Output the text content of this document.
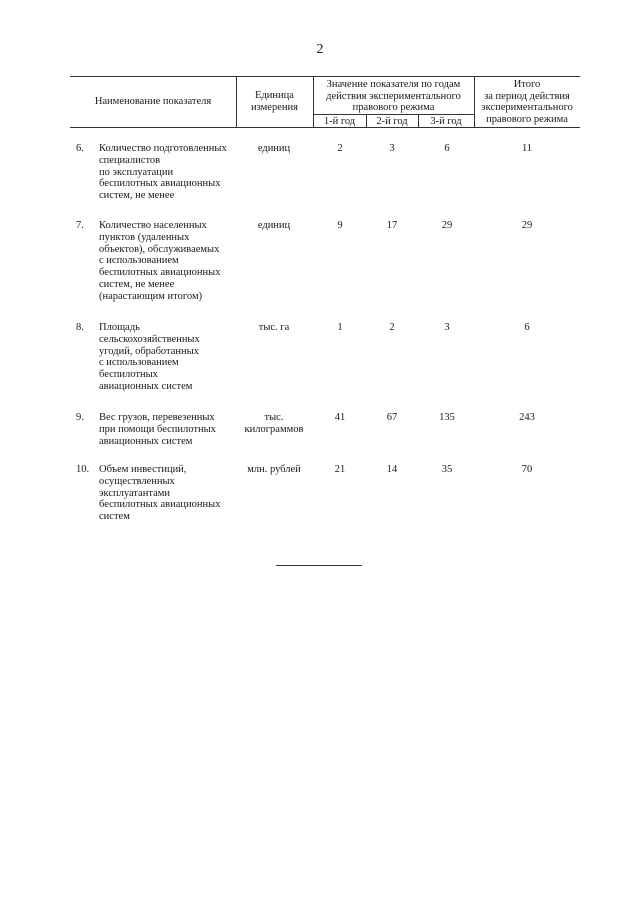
2
Наименование показателя
Единица
измерения
Значение показателя по годам
действия экспериментального
правового режима
1-й год	2-й год	3-й год
Итого
за период действия
экспериментального
правового режима
6.	Количество подготовленных
специалистов
по эксплуатации
беспилотных авиационных
систем, не менее
единиц	2	3	6	11
7.	Количество населенных
пунктов (удаленных
объектов), обслуживаемых
с использованием
беспилотных авиационных
систем, не менее
(нарастающим итогом)
единиц	9	17	29	29
8.	Площадь
сельскохозяйственных
угодий, обработанных
с использованием
беспилотных
авиационных систем
тыс. га	1	2	3	6
9.	Вес грузов, перевезенных
при помощи беспилотных
авиационных систем
тыс.
килограммов
41	67	135	243
10. Объем инвестиций,
осуществленных
эксплуатантами
беспилотных авиационных
систем
млн. рублей	21	14	35	70
